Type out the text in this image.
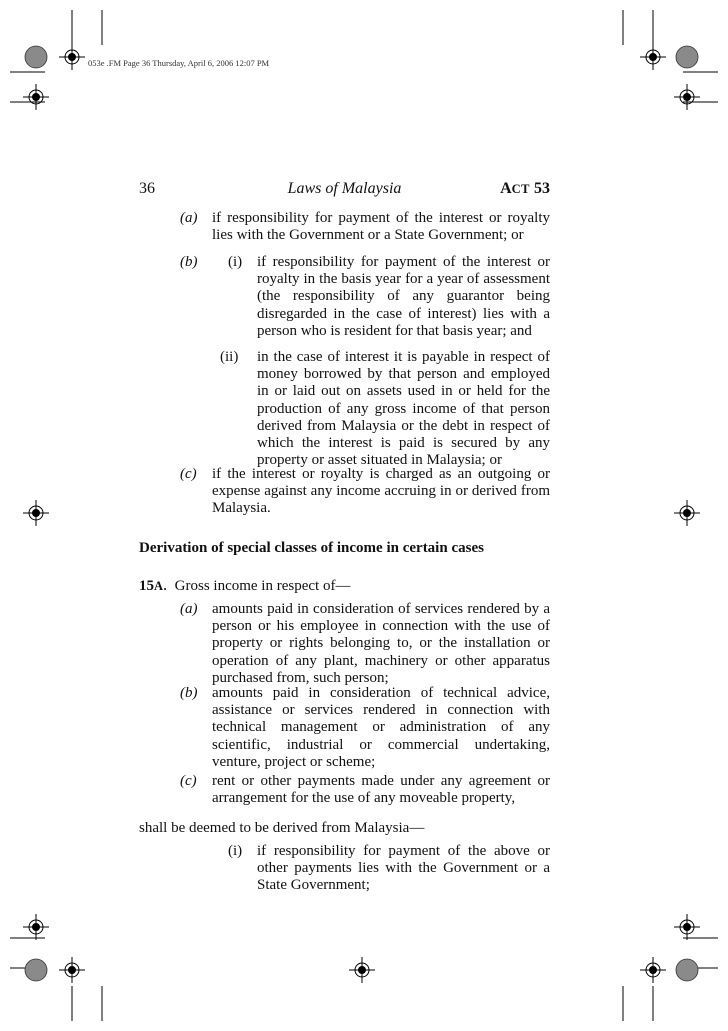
053e .FM Page 36 Thursday, April 6, 2006 12:07 PM
36	Laws of Malaysia	ACT 53
(a) if responsibility for payment of the interest or royalty lies with the Government or a State Government; or
(b) (i) if responsibility for payment of the interest or royalty in the basis year for a year of assessment (the responsibility of any guarantor being disregarded in the case of interest) lies with a person who is resident for that basis year; and
(ii) in the case of interest it is payable in respect of money borrowed by that person and employed in or laid out on assets used in or held for the production of any gross income of that person derived from Malaysia or the debt in respect of which the interest is paid is secured by any property or asset situated in Malaysia; or
(c) if the interest or royalty is charged as an outgoing or expense against any income accruing in or derived from Malaysia.
Derivation of special classes of income in certain cases
15A. Gross income in respect of—
(a) amounts paid in consideration of services rendered by a person or his employee in connection with the use of property or rights belonging to, or the installation or operation of any plant, machinery or other apparatus purchased from, such person;
(b) amounts paid in consideration of technical advice, assistance or services rendered in connection with technical management or administration of any scientific, industrial or commercial undertaking, venture, project or scheme;
(c) rent or other payments made under any agreement or arrangement for the use of any moveable property,
shall be deemed to be derived from Malaysia—
(i) if responsibility for payment of the above or other payments lies with the Government or a State Government;
